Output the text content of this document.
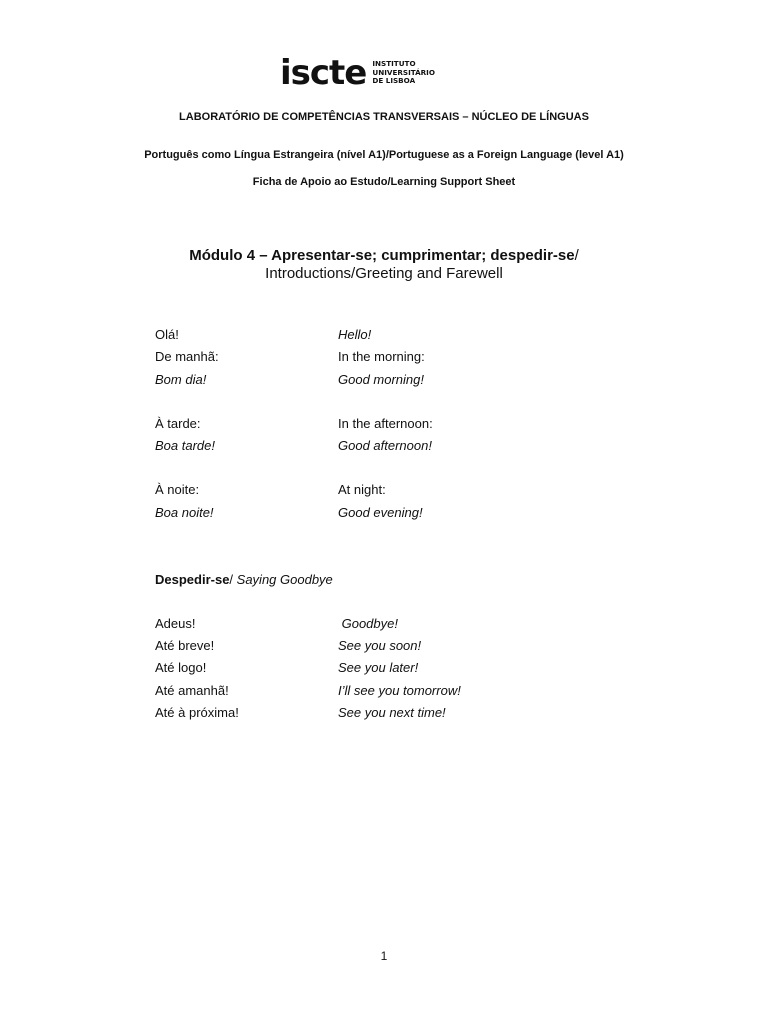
iscte INSTITUTO
UNIVERSITÁRIO
DE LISBOA
LABORATÓRIO DE COMPETÊNCIAS TRANSVERSAIS – NÚCLEO DE LÍNGUAS
Português como Língua Estrangeira (nível A1)/Portuguese as a Foreign Language (level A1)
Ficha de Apoio ao Estudo/Learning Support Sheet
Módulo 4 – Apresentar-se; cumprimentar; despedir-se/
Introductions/Greeting and Farewell
Olá!	Hello!
De manhã:	In the morning:
Bom dia!	Good morning!
À tarde:	In the afternoon:
Boa tarde!	Good afternoon!
À noite:	At night:
Boa noite!	Good evening!
Despedir-se/ Saying Goodbye
Adeus!	Goodbye!
Até breve!	See you soon!
Até logo!	See you later!
Até amanhã!	I’ll see you tomorrow!
Até à próxima!	See you next time!
1
